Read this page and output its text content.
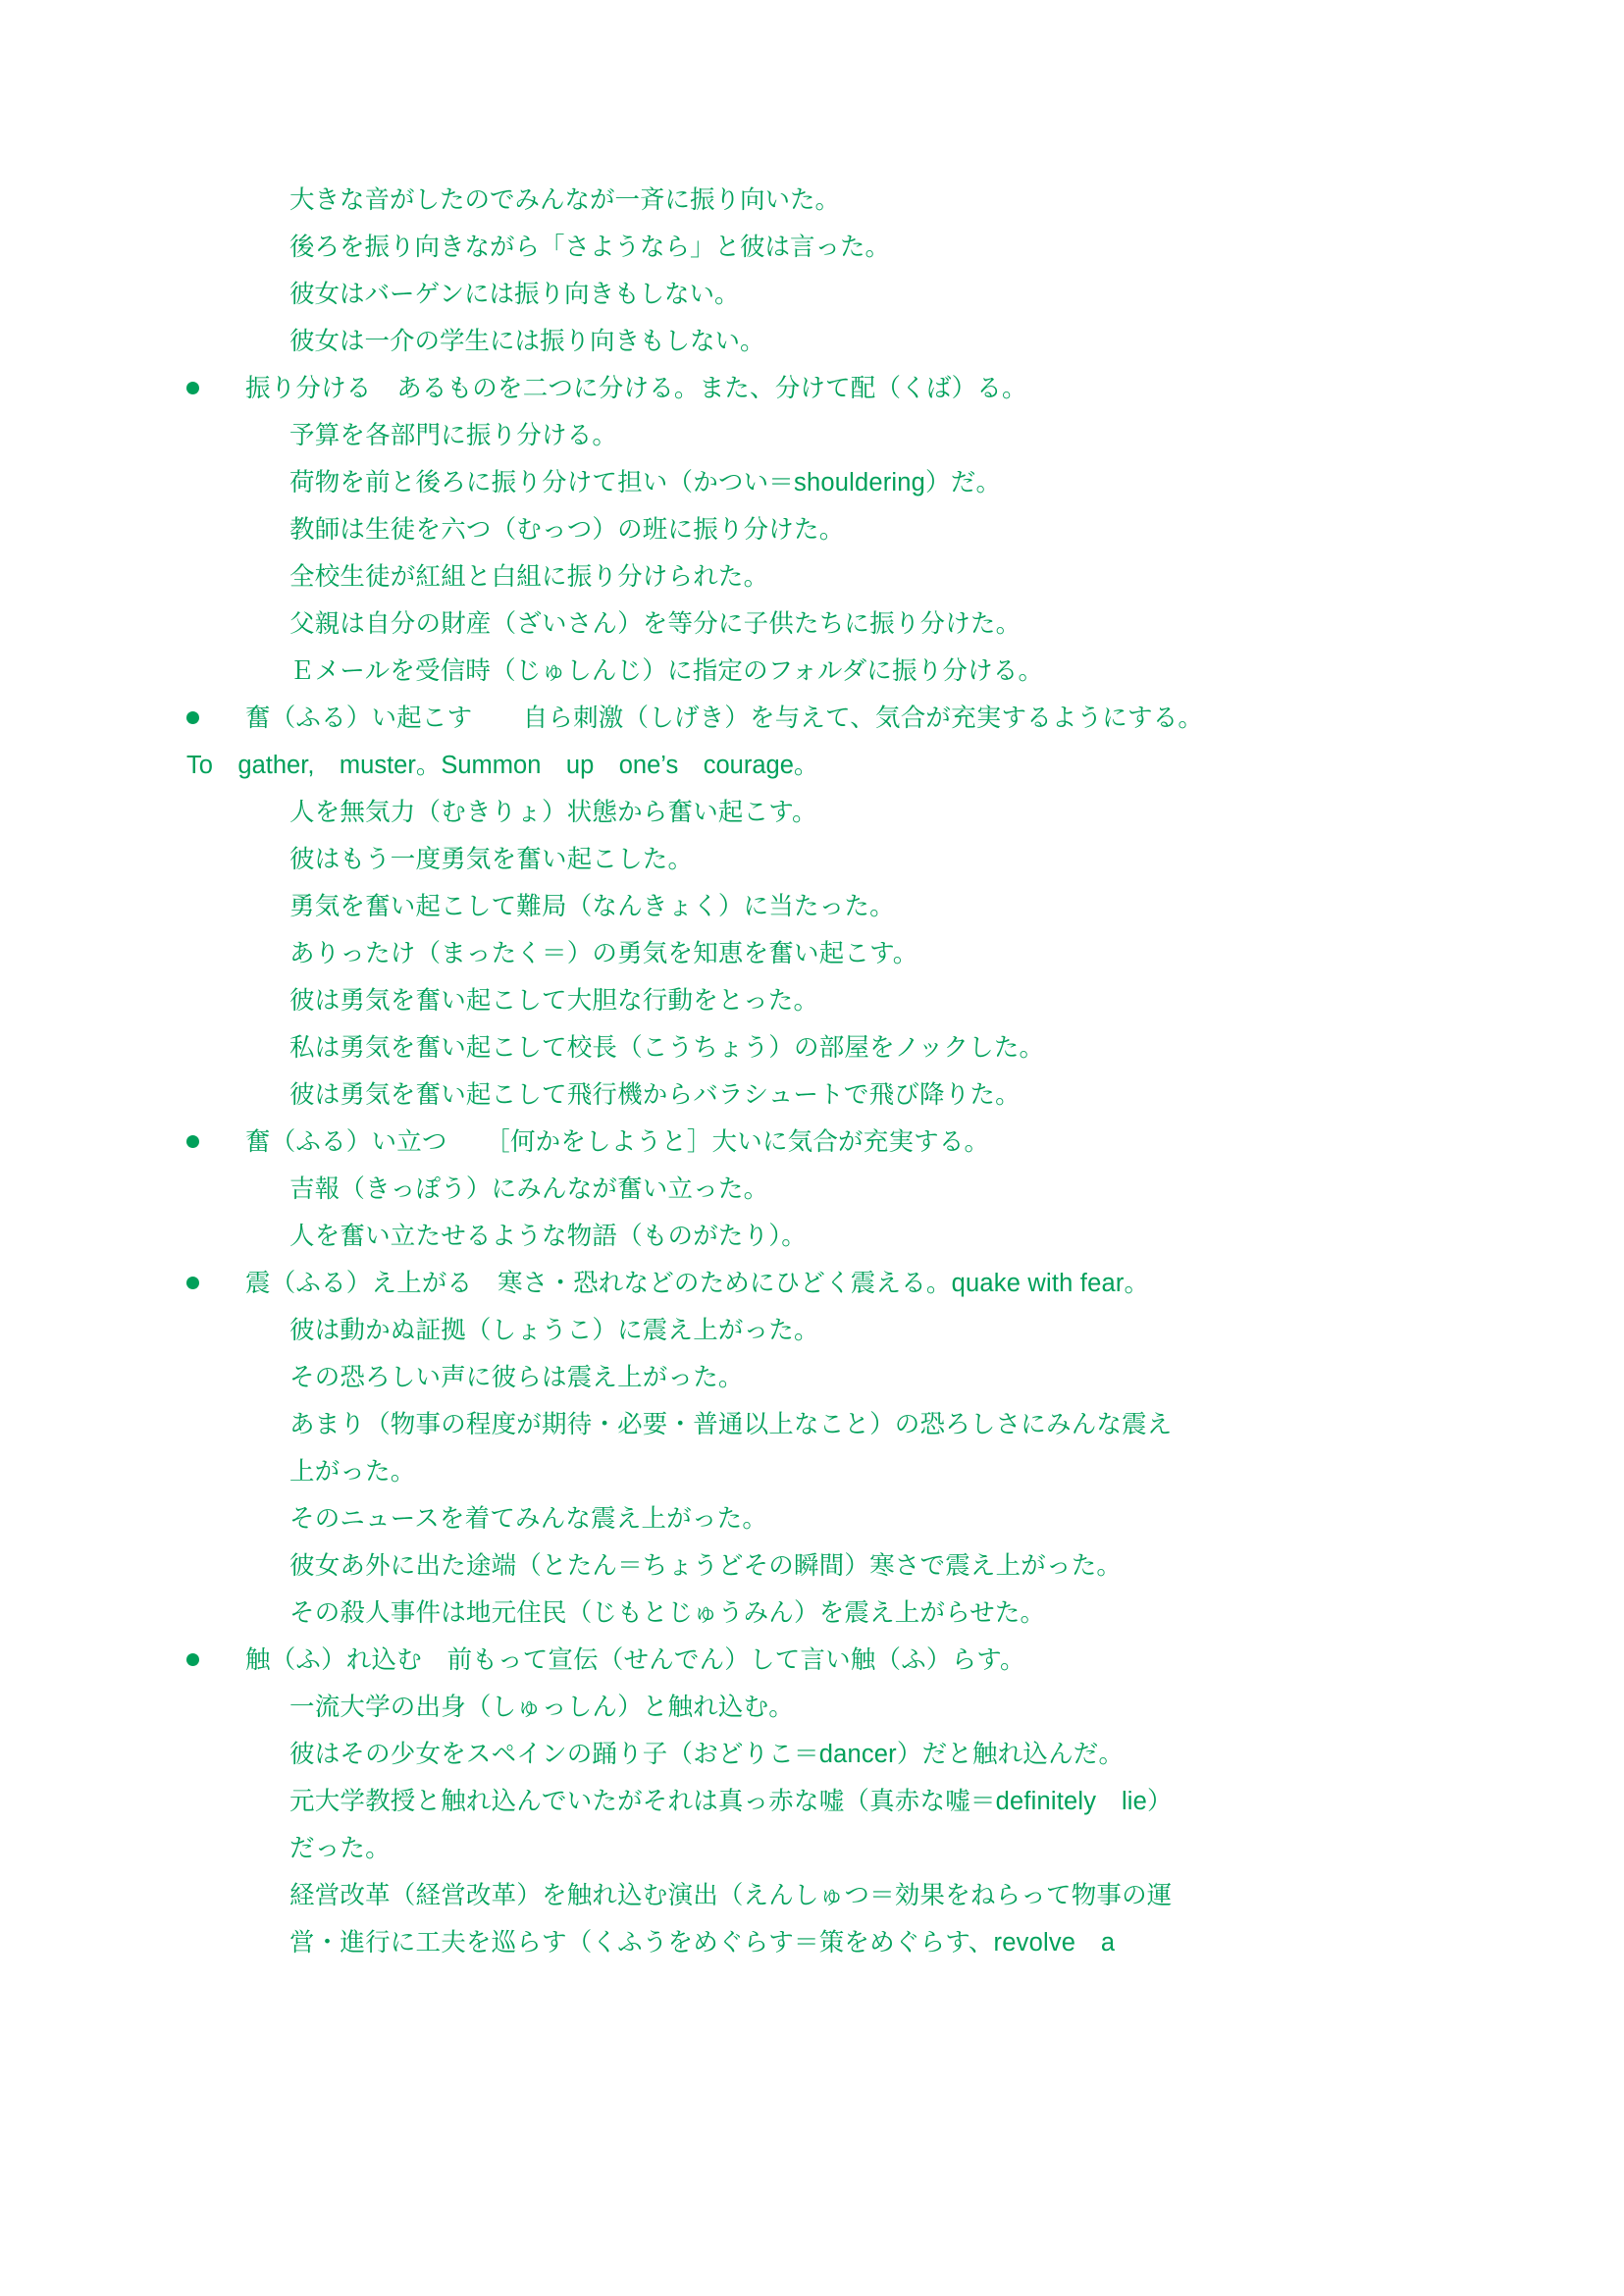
大きな音がしたのでみんなが一斉に振り向いた。
後ろを振り向きながら「さようなら」と彼は言った。
彼女はバーゲンには振り向きもしない。
彼女は一介の学生には振り向きもしない。
振り分ける　あるものを二つに分ける。また、分けて配（くば）る。
予算を各部門に振り分ける。
荷物を前と後ろに振り分けて担い（かつい＝shouldering）だ。
教師は生徒を六つ（むっつ）の班に振り分けた。
全校生徒が紅組と白組に振り分けられた。
父親は自分の財産（ざいさん）を等分に子供たちに振り分けた。
Ｅメールを受信時（じゅしんじ）に指定のフォルダに振り分ける。
奮（ふる）い起こす　　自ら刺激（しげき）を与えて、気合が充実するようにする。
To　gather,　muster。Summon　up　one’s　courage。
人を無気力（むきりょ）状態から奮い起こす。
彼はもう一度勇気を奮い起こした。
勇気を奮い起こして難局（なんきょく）に当たった。
ありったけ（まったく＝）の勇気を知恵を奮い起こす。
彼は勇気を奮い起こして大胆な行動をとった。
私は勇気を奮い起こして校長（こうちょう）の部屋をノックした。
彼は勇気を奮い起こして飛行機からバラシュートで飛び降りた。
奮（ふる）い立つ　　［何かをしようと］大いに気合が充実する。
吉報（きっぽう）にみんなが奮い立った。
人を奮い立たせるような物語（ものがたり）。
震（ふる）え上がる　寒さ・恐れなどのためにひどく震える。quake with fear。
彼は動かぬ証拠（しょうこ）に震え上がった。
その恐ろしい声に彼らは震え上がった。
あまり（物事の程度が期待・必要・普通以上なこと）の恐ろしさにみんな震え
上がった。
そのニュースを着てみんな震え上がった。
彼女あ外に出た途端（とたん＝ちょうどその瞬間）寒さで震え上がった。
その殺人事件は地元住民（じもとじゅうみん）を震え上がらせた。
触（ふ）れ込む　前もって宣伝（せんでん）して言い触（ふ）らす。
一流大学の出身（しゅっしん）と触れ込む。
彼はその少女をスペインの踊り子（おどりこ＝dancer）だと触れ込んだ。
元大学教授と触れ込んでいたがそれは真っ赤な嘘（真赤な嘘＝definitely　lie）
だった。
経営改革（経営改革）を触れ込む演出（えんしゅつ＝効果をねらって物事の運
営・進行に工夫を巡らす（くふうをめぐらす＝策をめぐらす、revolve　a
